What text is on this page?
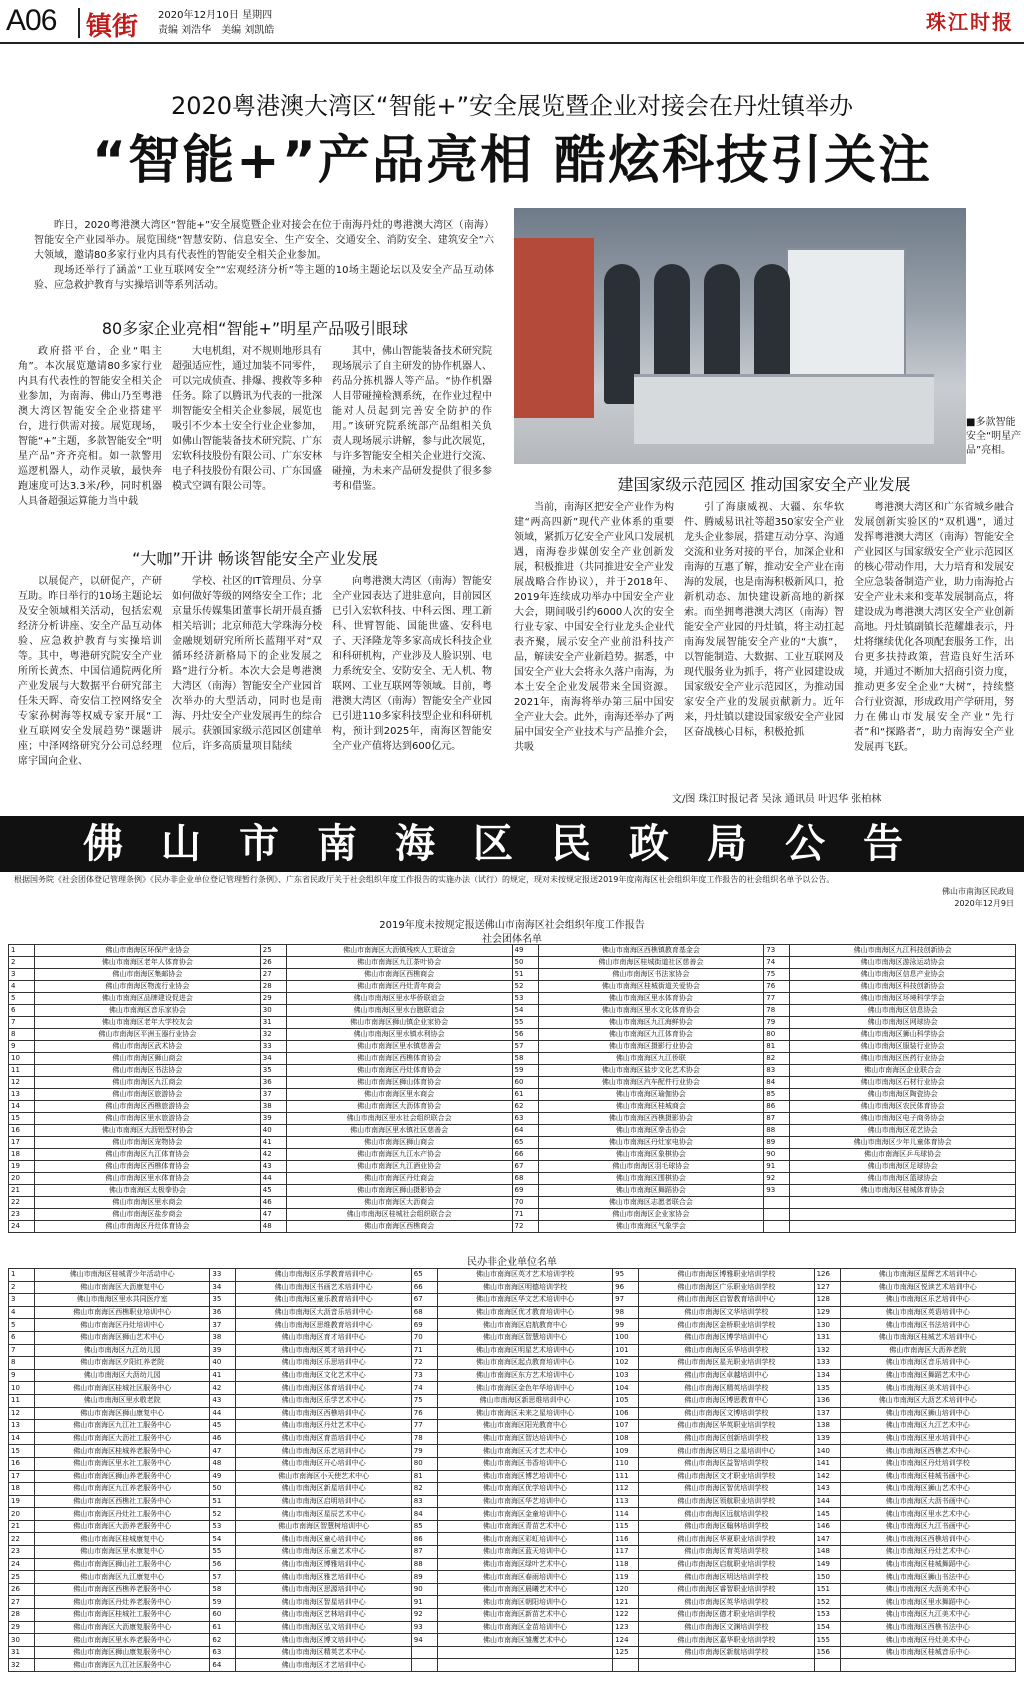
A06 镇街 2020年12月10日 星期四
责编 刘浩华　美编 刘凯皓	珠江时报
2020粤港澳大湾区“智能+”安全展览暨企业对接会在丹灶镇举办
“智能+”产品亮相 酷炫科技引关注

昨日，2020粤港澳大湾区“智能+”安全展览暨企业对接会在位于南海丹灶的粤港澳大湾区（南海）智能安全产业园举办。展览围绕“智慧安防、信息安全、生产安全、交通安全、消防安全、建筑安全”六大领域，邀请80多家行业内具有代表性的智能安全相关企业参加。

现场还举行了涵盖“工业互联网安全”“宏观经济分析”等主题的10场主题论坛以及安全产品互动体验、应急救护教育与实操培训等系列活动。

80多家企业亮相“智能+”明星产品吸引眼球

政府搭平台，企业“唱主角”。本次展览邀请80多家行业内具有代表性的智能安全相关企业参加，为南海、佛山乃至粤港澳大湾区智能安全企业搭建平台，进行供需对接。展览现场，智能“+”主题，多款智能安全“明星产品”齐齐亮相。如一款警用巡逻机器人，动作灵敏，最快奔跑速度可达3.3米/秒，同时机器人具备超强运算能力当中载

大电机组，对不规则地形具有超强适应性，通过加装不同零件，可以完成侦查、排爆、搜救等多种任务。除了以腾讯为代表的一批深圳智能安全相关企业参展，展览也吸引不少本土安全行业企业参加，如佛山智能装备技术研究院、广东宏软科技股份有限公司、广东安林电子科技股份有限公司、广东国盛模式空调有限公司等。

其中，佛山智能装备技术研究院现场展示了自主研发的协作机器人、药品分拣机器人等产品。“协作机器人目带碰撞检测系统，在作业过程中能对人员起到完善安全防护的作用。”该研究院系统部产品组相关负责人现场展示讲解，参与此次展览，与许多智能安全相关企业进行交流、碰撞，为未来产品研发提供了很多参考和借鉴。

“大咖”开讲 畅谈智能安全产业发展

以展促产，以研促产，产研互助。昨日举行的10场主题论坛及安全领域相关活动，包括宏观经济分析讲座、安全产品互动体验、应急救护教育与实操培训等。其中，粤港研究院安全产业所所长黄杰、中国信通院两化所产业发展与大数据平台研究部主任朱天晖、奇安信工控网络安全专家孙树海等权威专家开展“工业互联网安全发展趋势”课题讲座；中泽网络研究分公司总经理席宇国向企业、

学校、社区的IT管理员、分享如何做好等级的网络安全工作；北京量乐传媒集团董事长胡开晨直播相关培训；北京师范大学珠海分校金融规划研究所所长蓝翔平对“双循环经济新格局下的企业发展之路”进行分析。本次大会是粤港澳大湾区（南海）智能安全产业园首次举办的大型活动，同时也是南海、丹灶安全产业发展再生的综合展示。获颁国家级示范园区创建单位后，许多高质量项目陆续

向粤港澳大湾区（南海）智能安全产业园表达了进驻意向，目前园区已引入宏软科技、中科云图、理工新科、世臂智能、国能世盛、安科电子、天泽隆龙等多家高成长科技企业和科研机构，产业涉及人脸识别、电力系统安全、安防安全、无人机、物联网、工业互联网等领域。目前，粤港澳大湾区（南海）智能安全产业园已引进110多家科技型企业和科研机构，预计到2025年，南海区智能安全产业产值将达到600亿元。

■多款智能安全“明星产品”亮相。
建国家级示范园区 推动国家安全产业发展

当前，南海区把安全产业作为构建“两高四新”现代产业体系的重要领域，紧抓万亿安全产业风口发展机遇，南海卷步媒创安全产业创新发展，积极推进（共同推进安全产业发展战略合作协议），并于2018年、2019年连续成功举办中国安全产业大会，期间吸引约6000人次的安全行业专家、中国安全行业龙头企业代表齐聚，展示安全产业前沿科技产品，解读安全产业新趋势。据悉，中国安全产业大会将永久落户南海，为本土安全企业发展带来全国资源。2021年，南海将举办第三届中国安全产业大会。此外，南海还举办了两届中国安全产业技术与产品推介会，共吸

引了海康威视、大疆、东华软件、腾威易讯社等超350家安全产业龙头企业参展，搭建互动分享、沟通交流和业务对接的平台，加深企业和南海的互惠了解，推动安全产业在南海的发展，也是南海积极新风口，抢新机动态、加快建设新高地的新探索。而坐拥粤港澳大湾区（南海）智能安全产业园的丹灶镇，将主动扛起南海发展智能安全产业的“大旗”，以智能制造、大数据、工业互联网及现代服务业为抓手，将产业园建设成国家级安全产业示范园区，为推动国家安全产业的发展贡献新力。近年来，丹灶镇以建设国家级安全产业园区奋战核心目标，积极抢抓

粤港澳大湾区和广东省城乡融合发展创新实验区的“双机遇”，通过发挥粤港澳大湾区（南海）智能安全产业园区与国家级安全产业示范园区的核心带动作用，大力培育和发展安全应急装备制造产业，助力南海抢占安全产业未来和变革发展制高点，将建设成为粤港澳大湾区安全产业创新高地。丹灶镇副镇长范耀雄表示，丹灶将继续优化各项配套服务工作，出台更多扶持政策，营造良好生活环境，并通过不断加大招商引资力度，推动更多安全企业“大树”，持续整合行业资源，形成政用产学研用，努力在佛山市发展安全产业“先行者”和“探路者”，助力南海安全产业发展再飞跃。

文/图 珠江时报记者 吴泳 通讯员 叶迟华 张柏林
佛山市南海区民政局公告
根据国务院《社会团体登记管理条例》《民办非企业单位登记管理暂行条例》、广东省民政厅关于社会组织年度工作报告的实施办法（试行）的规定，现对未按规定报送2019年度南海区社会组织年度工作报告的社会组织名单予以公告。
佛山市南海区民政局
2020年12月9日
2019年度未按规定报送佛山市南海区社会组织年度工作报告
社会团体名单
1	佛山市南海区环保产业协会	25	佛山市南海区大沥镇残疾人工联谊会	49	佛山市南海区西樵镇教育基金会	73	佛山市南海区九江科技创新协会
2	佛山市南海区老年人体育协会	26	佛山市南海区九江茶叶协会	50	佛山市南海区桂城街道社区慈善会	74	佛山市南海区游泳运动协会
3	佛山市南海区集邮协会	27	佛山市南海区西樵商会	51	佛山市南海区书法家协会	75	佛山市南海区信息产业协会
4	佛山市南海区物流行业协会	28	佛山市南海区丹灶青年商会	52	佛山市南海区桂城街道关爱协会	76	佛山市南海区科技创新协会
5	佛山市南海区品牌建设促进会	29	佛山市南海区里水华侨联谊会	53	佛山市南海区里水体育协会	77	佛山市南海区环境科学学会
6	佛山市南海区音乐家协会	30	佛山市南海区里水台胞联谊会	54	佛山市南海区里水文化体育协会	78	佛山市南海区信息协会
7	佛山市南海区老年大学校友会	31	佛山市南海区狮山镇企业家协会	55	佛山市南海区九江海鲜协会	79	佛山市南海区网球协会
8	佛山市南海区平洲玉器行业协会	32	佛山市南海区里水镇水利协会	56	佛山市南海区九江体育协会	80	佛山市南海区狮山科学协会
9	佛山市南海区武术协会	33	佛山市南海区里水镇慈善会	57	佛山市南海区摄影行业协会	81	佛山市南海区服装行业协会
10	佛山市南海区狮山商会	34	佛山市南海区西樵体育协会	58	佛山市南海区九江侨联	82	佛山市南海区医药行业协会
11	佛山市南海区书法协会	35	佛山市南海区丹灶体育协会	59	佛山市南海区盐步文化艺术协会	83	佛山市南海区企业联合会
12	佛山市南海区九江商会	36	佛山市南海区狮山体育协会	60	佛山市南海区汽车配件行业协会	84	佛山市南海区石材行业协会
13	佛山市南海区旅游协会	37	佛山市南海区里水商会	61	佛山市南海区瑜伽协会	85	佛山市南海区陶瓷协会
14	佛山市南海区西樵旅游协会	38	佛山市南海区大沥体育协会	62	佛山市南海区桂城商会	86	佛山市南海区农民体育协会
15	佛山市南海区里水旅游协会	39	佛山市南海区里水社会组织联合会	63	佛山市南海区西樵摄影协会	87	佛山市南海区电子商务协会
16	佛山市南海区大沥铝型材协会	40	佛山市南海区里水镇社区慈善会	64	佛山市南海区拳击协会	88	佛山市南海区花艺协会
17	佛山市南海区宠物协会	41	佛山市南海区狮山商会	65	佛山市南海区丹灶家电协会	89	佛山市南海区少年儿童体育协会
18	佛山市南海区九江体育协会	42	佛山市南海区九江水产协会	66	佛山市南海区象棋协会	90	佛山市南海区乒乓球协会
19	佛山市南海区西樵体育协会	43	佛山市南海区九江酒业协会	67	佛山市南海区羽毛球协会	91	佛山市南海区足球协会
20	佛山市南海区里水体育协会	44	佛山市南海区丹灶商会	68	佛山市南海区围棋协会	92	佛山市南海区篮球协会
21	佛山市南海区太极拳协会	45	佛山市南海区狮山摄影协会	69	佛山市南海区舞蹈协会	93	佛山市南海区桂城体育协会
22	佛山市南海区里水商会	46	佛山市南海区大沥商会	70	佛山市南海区志愿者联合会		
23	佛山市南海区盐步商会	47	佛山市南海区桂城社会组织联合会	71	佛山市南海区企业家协会		
24	佛山市南海区丹灶体育协会	48	佛山市南海区西樵商会	72	佛山市南海区气象学会		
民办非企业单位名单
1	佛山市南海区桂城青少年活动中心	33	佛山市南海区乐学教育培训中心	65	佛山市南海区英才艺术培训学校	95	佛山市南海区博雅职业培训学校	126	佛山市南海区星辉艺术培训中心
2	佛山市南海区大沥康复中心	34	佛山市南海区书画艺术培训中心	66	佛山市南海区明德培训学校	96	佛山市南海区广乐职业培训学校	127	佛山市南海区悦读艺术培训中心
3	佛山市南海区里水共同医疗室	35	佛山市南海区童乐教育培训中心	67	佛山市南海区华文艺术培训中心	97	佛山市南海区启智教育培训中心	128	佛山市南海区乐艺培训中心
4	佛山市南海区西樵职业培训中心	36	佛山市南海区大沥音乐培训中心	68	佛山市南海区优才教育培训中心	98	佛山市南海区文华培训学校	129	佛山市南海区英语培训中心
5	佛山市南海区丹灶培训中心	37	佛山市南海区思维教育培训中心	69	佛山市南海区启航教育中心	99	佛山市南海区金桥职业培训学校	130	佛山市南海区书法培训中心
6	佛山市南海区狮山艺术中心	38	佛山市南海区育才培训中心	70	佛山市南海区智慧培训中心	100	佛山市南海区博学培训中心	131	佛山市南海区桂城艺术培训中心
7	佛山市南海区九江幼儿园	39	佛山市南海区英才培训中心	71	佛山市南海区明星艺术培训中心	101	佛山市南海区乐华培训学校	132	佛山市南海区大沥养老院
8	佛山市南海区夕阳红养老院	40	佛山市南海区乐思培训中心	72	佛山市南海区起点教育培训中心	102	佛山市南海区星光职业培训学校	133	佛山市南海区音乐培训中心
9	佛山市南海区大沥幼儿园	41	佛山市南海区文化艺术中心	73	佛山市南海区东方艺术培训中心	103	佛山市南海区卓越培训中心	134	佛山市南海区舞蹈艺术中心
10	佛山市南海区桂城社区服务中心	42	佛山市南海区体育培训中心	74	佛山市南海区金色年华培训中心	104	佛山市南海区精英培训学校	135	佛山市南海区美术培训中心
11	佛山市南海区里水敬老院	43	佛山市南海区乐学艺术中心	75	佛山市南海区新思维培训中心	105	佛山市南海区博思教育中心	136	佛山市南海区大沥艺术培训中心
12	佛山市南海区狮山康复中心	44	佛山市南海区西樵培训中心	76	佛山市南海区未来之星培训中心	106	佛山市南海区文博培训学校	137	佛山市南海区狮山培训中心
13	佛山市南海区九江社工服务中心	45	佛山市南海区丹灶艺术中心	77	佛山市南海区阳光教育中心	107	佛山市南海区华英职业培训学校	138	佛山市南海区九江艺术中心
14	佛山市南海区大沥社工服务中心	46	佛山市南海区育苗培训中心	78	佛山市南海区智达培训中心	108	佛山市南海区创新培训学校	139	佛山市南海区里水培训中心
15	佛山市南海区桂城养老服务中心	47	佛山市南海区乐艺培训中心	79	佛山市南海区天才艺术中心	109	佛山市南海区明日之星培训中心	140	佛山市南海区西樵艺术中心
16	佛山市南海区里水社工服务中心	48	佛山市南海区开心培训中心	80	佛山市南海区书香培训中心	110	佛山市南海区益智培训学校	141	佛山市南海区丹灶培训学校
17	佛山市南海区狮山养老服务中心	49	佛山市南海区小天使艺术中心	81	佛山市南海区博艺培训中心	111	佛山市南海区文才职业培训学校	142	佛山市南海区桂城书画中心
18	佛山市南海区九江养老服务中心	50	佛山市南海区新星培训中心	82	佛山市南海区优学培训中心	112	佛山市南海区智优培训学校	143	佛山市南海区狮山艺术中心
19	佛山市南海区西樵社工服务中心	51	佛山市南海区启明培训中心	83	佛山市南海区华艺培训中心	113	佛山市南海区领航职业培训学校	144	佛山市南海区大沥书画中心
20	佛山市南海区丹灶社工服务中心	52	佛山市南海区星辰艺术中心	84	佛山市南海区金童培训中心	114	佛山市南海区远航培训学校	145	佛山市南海区里水艺术中心
21	佛山市南海区大沥养老服务中心	53	佛山市南海区智慧树培训中心	85	佛山市南海区青苗艺术中心	115	佛山市南海区翰林培训学校	146	佛山市南海区九江书画中心
22	佛山市南海区桂城康复中心	54	佛山市南海区童心培训中心	86	佛山市南海区彩虹培训中心	116	佛山市南海区华夏职业培训学校	147	佛山市南海区西樵培训中心
23	佛山市南海区里水康复中心	55	佛山市南海区乐童艺术中心	87	佛山市南海区蓝天培训中心	117	佛山市南海区育英培训学校	148	佛山市南海区丹灶艺术中心
24	佛山市南海区狮山社工服务中心	56	佛山市南海区博雅培训中心	88	佛山市南海区绿叶艺术中心	118	佛山市南海区启航职业培训学校	149	佛山市南海区桂城舞蹈中心
25	佛山市南海区九江康复中心	57	佛山市南海区雅艺培训中心	89	佛山市南海区春雨培训中心	119	佛山市南海区明达培训学校	150	佛山市南海区狮山书法中心
26	佛山市南海区西樵养老服务中心	58	佛山市南海区思源培训中心	90	佛山市南海区晨曦艺术中心	120	佛山市南海区睿智职业培训学校	151	佛山市南海区大沥美术中心
27	佛山市南海区丹灶养老服务中心	59	佛山市南海区智星培训中心	91	佛山市南海区朝阳培训中心	121	佛山市南海区英华培训学校	152	佛山市南海区里水舞蹈中心
28	佛山市南海区桂城社工服务中心	60	佛山市南海区艺林培训中心	92	佛山市南海区新苗艺术中心	122	佛山市南海区德才职业培训学校	153	佛山市南海区九江美术中心
29	佛山市南海区大沥康复服务中心	61	佛山市南海区弘文培训中心	93	佛山市南海区金苗培训中心	123	佛山市南海区文渊培训学校	154	佛山市南海区西樵书法中心
30	佛山市南海区里水养老服务中心	62	佛山市南海区博文培训中心	94	佛山市南海区雏鹰艺术中心	124	佛山市南海区嘉华职业培训学校	155	佛山市南海区丹灶美术中心
31	佛山市南海区狮山康复服务中心	63	佛山市南海区精英艺术中心			125	佛山市南海区新航培训学校	156	佛山市南海区桂城音乐中心
32	佛山市南海区九江社区服务中心	64	佛山市南海区才艺培训中心						
